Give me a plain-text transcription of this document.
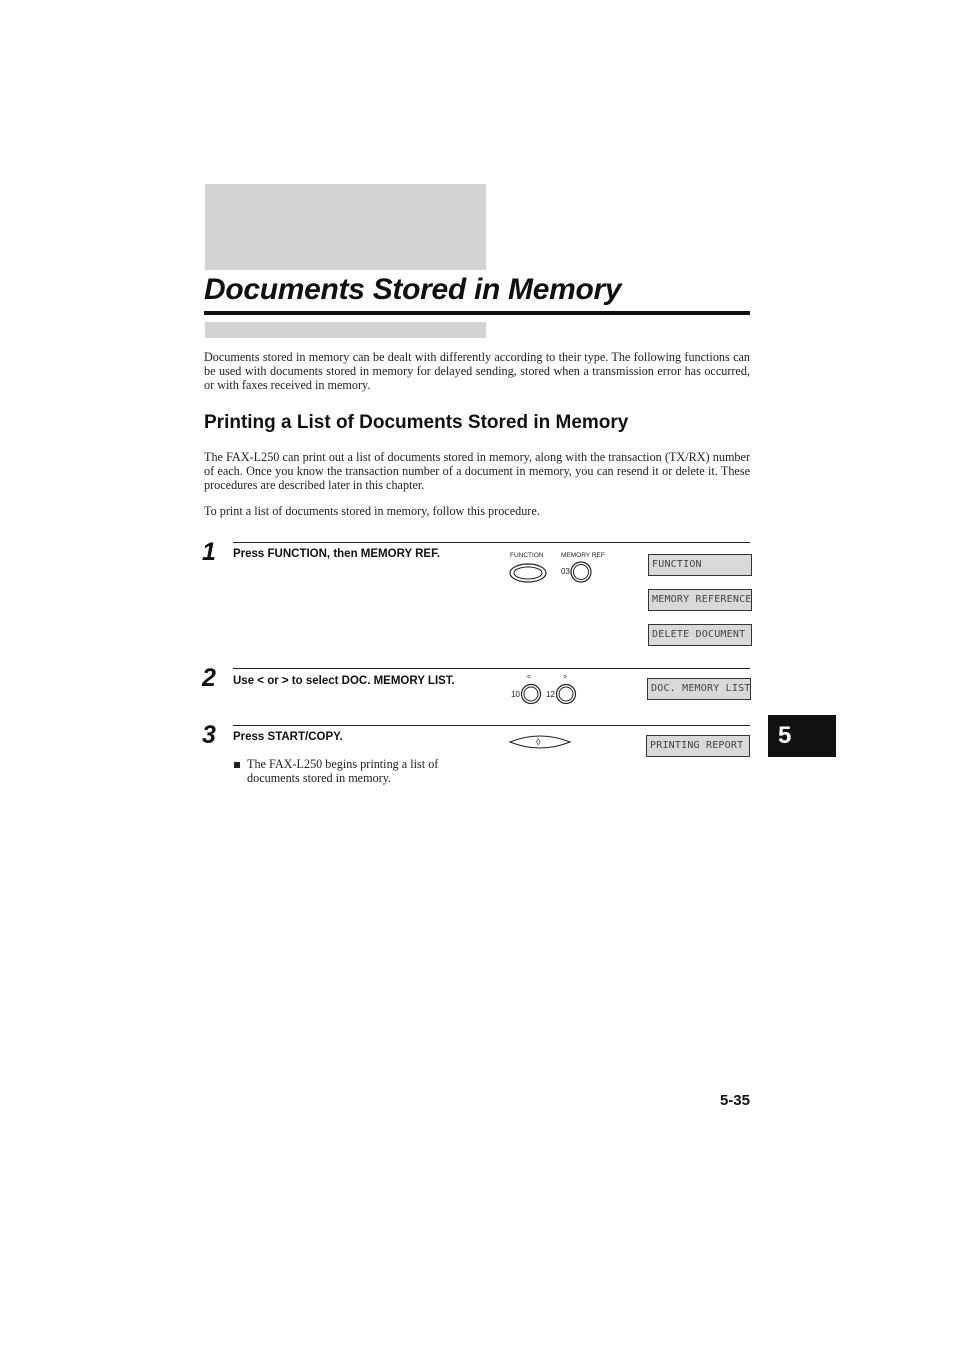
Documents Stored in Memory

Documents stored in memory can be dealt with differently according to their type. The following functions can be used with documents stored in memory for delayed sending, stored when a transmission error has occurred, or with faxes received in memory.

Printing a List of Documents Stored in Memory

The FAX-L250 can print out a list of documents stored in memory, along with the transaction (TX/RX) number of each. Once you know the transaction number of a document in memory, you can resend it or delete it. These procedures are described later in this chapter.

To print a list of documents stored in memory, follow this procedure.

1 Press FUNCTION, then MEMORY REF.	FUNCTION	MEMORY REF
03
FUNCTION
MEMORY REFERENCE
DELETE DOCUMENT
2 Use < or > to select DOC. MEMORY LIST.	<	>
10	12
DOC. MEMORY LIST
3 Press START/COPY.	◊	PRINTING REPORT

The FAX-L250 begins printing a list of documents stored in memory.

5
5-35
